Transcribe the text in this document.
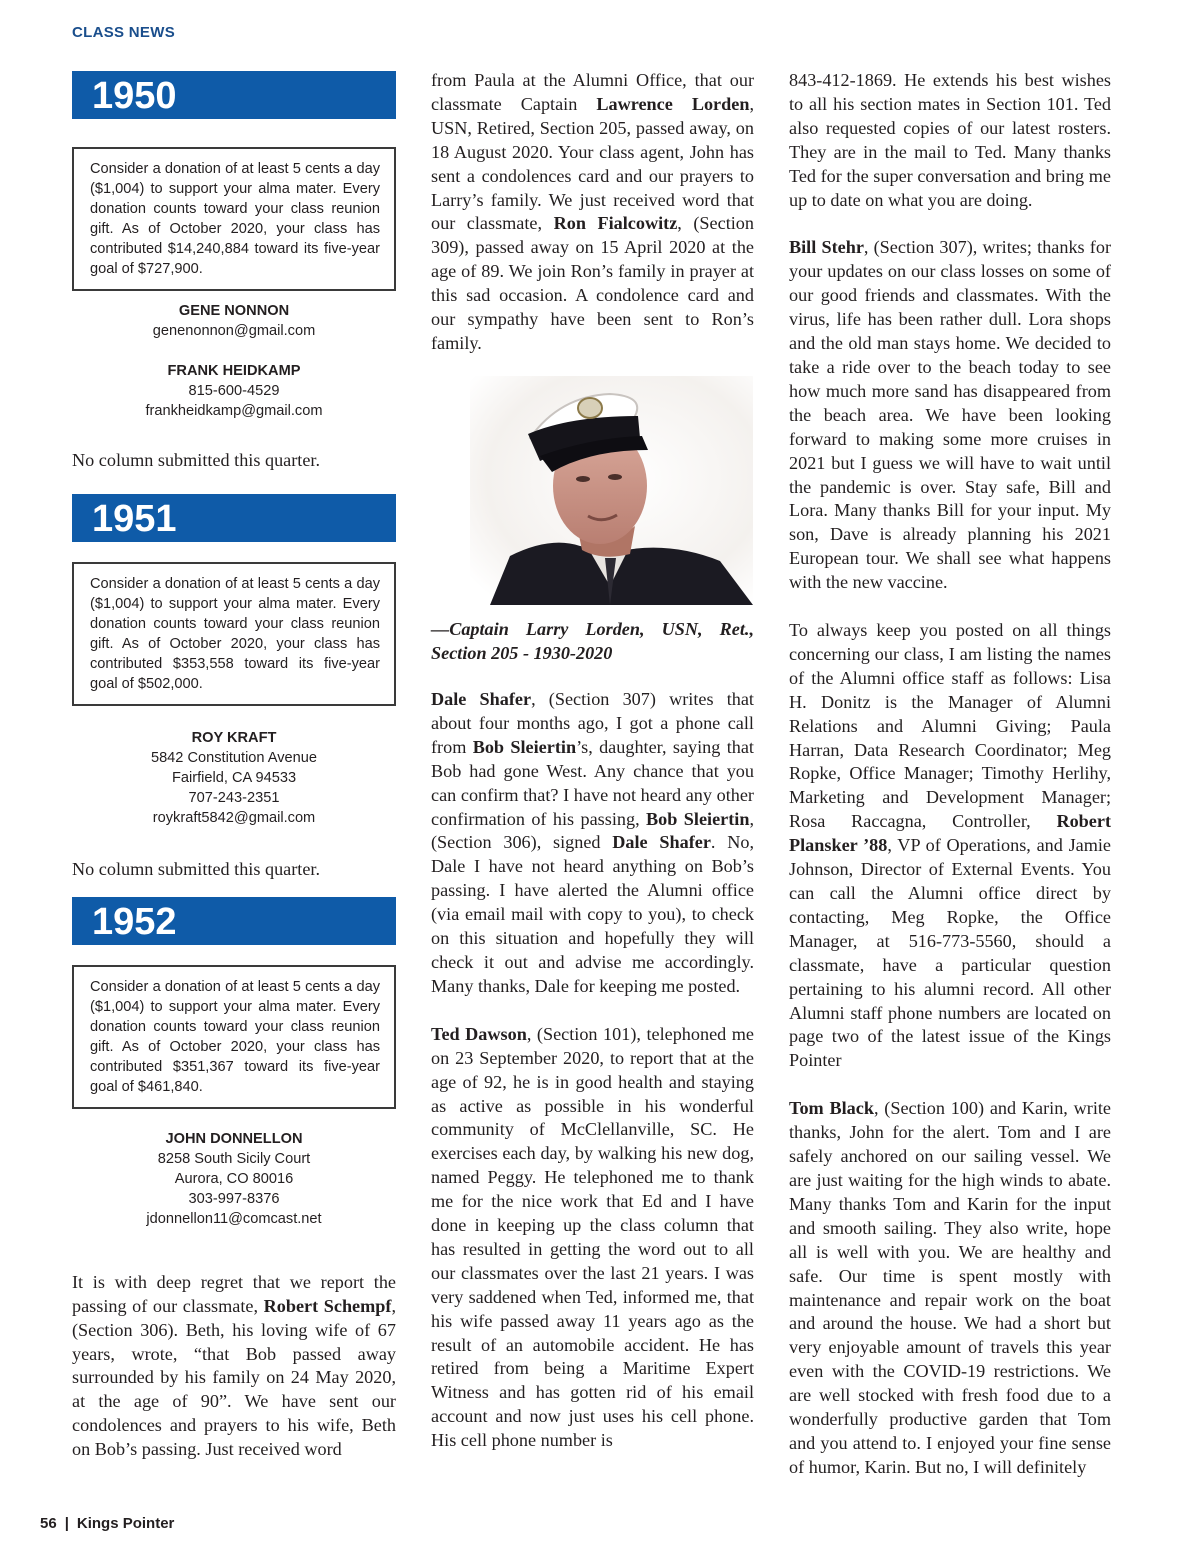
CLASS NEWS
1950
Consider a donation of at least 5 cents a day ($1,004) to support your alma mater. Every donation counts toward your class reunion gift. As of October 2020, your class has contributed $14,240,884 toward its five-year goal of $727,900.
GENE NONNON
genenonnon@gmail.com
FRANK HEIDKAMP
815-600-4529
frankheidkamp@gmail.com

No column submitted this quarter.

1951
Consider a donation of at least 5 cents a day ($1,004) to support your alma mater. Every donation counts toward your class reunion gift. As of October 2020, your class has contributed $353,558 toward its five-year goal of $502,000.
ROY KRAFT
5842 Constitution Avenue
Fairfield, CA 94533
707-243-2351
roykraft5842@gmail.com

No column submitted this quarter.

1952
Consider a donation of at least 5 cents a day ($1,004) to support your alma mater. Every donation counts toward your class reunion gift. As of October 2020, your class has contributed $351,367 toward its five-year goal of $461,840.
JOHN DONNELLON
8258 South Sicily Court
Aurora, CO 80016
303-997-8376
jdonnellon11@comcast.net

It is with deep regret that we report the passing of our classmate, Robert Schempf, (Section 306). Beth, his loving wife of 67 years, wrote, “that Bob passed away surrounded by his family on 24 May 2020, at the age of 90”. We have sent our condolences and prayers to his wife, Beth on Bob’s passing. Just received word

—Captain Larry Lorden, USN, Ret., Section 205 - 1930-2020

from Paula at the Alumni Office, that our classmate Captain Lawrence Lorden, USN, Retired, Section 205, passed away, on 18 August 2020. Your class agent, John has sent a condolences card and our prayers to Larry’s family. We just received word that our classmate, Ron Fialcowitz, (Section 309), passed away on 15 April 2020 at the age of 89. We join Ron’s family in prayer at this sad occasion. A condolence card and our sympathy have been sent to Ron’s family.

Dale Shafer, (Section 307) writes that about four months ago, I got a phone call from Bob Sleiertin’s, daughter, saying that Bob had gone West. Any chance that you can confirm that? I have not heard any other confirmation of his passing, Bob Sleiertin, (Section 306), signed Dale Shafer. No, Dale I have not heard anything on Bob’s passing. I have alerted the Alumni office (via email mail with copy to you), to check on this situation and hopefully they will check it out and advise me accordingly. Many thanks, Dale for keeping me posted.

Ted Dawson, (Section 101), telephoned me on 23 September 2020, to report that at the age of 92, he is in good health and staying as active as possible in his wonderful community of McClellanville, SC. He exercises each day, by walking his new dog, named Peggy. He telephoned me to thank me for the nice work that Ed and I have done in keeping up the class column that has resulted in getting the word out to all our classmates over the last 21 years. I was very saddened when Ted, informed me, that his wife passed away 11 years ago as the result of an automobile accident. He has retired from being a Maritime Expert Witness and has gotten rid of his email account and now just uses his cell phone. His cell phone number is

843-412-1869. He extends his best wishes to all his section mates in Section 101. Ted also requested copies of our latest rosters. They are in the mail to Ted. Many thanks Ted for the super conversation and bring me up to date on what you are doing.

Bill Stehr, (Section 307), writes; thanks for your updates on our class losses on some of our good friends and classmates. With the virus, life has been rather dull. Lora shops and the old man stays home. We decided to take a ride over to the beach today to see how much more sand has disappeared from the beach area. We have been looking forward to making some more cruises in 2021 but I guess we will have to wait until the pandemic is over. Stay safe, Bill and Lora. Many thanks Bill for your input. My son, Dave is already planning his 2021 European tour. We shall see what happens with the new vaccine.

To always keep you posted on all things concerning our class, I am listing the names of the Alumni office staff as follows: Lisa H. Donitz is the Manager of Alumni Relations and Alumni Giving; Paula Harran, Data Research Coordinator; Meg Ropke, Office Manager; Timothy Herlihy, Marketing and Development Manager; Rosa Raccagna, Controller, Robert Plansker ’88, VP of Operations, and Jamie Johnson, Director of External Events. You can call the Alumni office direct by contacting, Meg Ropke, the Office Manager, at 516-773-5560, should a classmate, have a particular question pertaining to his alumni record. All other Alumni staff phone numbers are located on page two of the latest issue of the Kings Pointer

Tom Black, (Section 100) and Karin, write thanks, John for the alert. Tom and I are safely anchored on our sailing vessel. We are just waiting for the high winds to abate. Many thanks Tom and Karin for the input and smooth sailing. They also write, hope all is well with you. We are healthy and safe. Our time is spent mostly with maintenance and repair work on the boat and around the house. We had a short but very enjoyable amount of travels this year even with the COVID-19 restrictions. We are well stocked with fresh food due to a wonderfully productive garden that Tom and you attend to. I enjoyed your fine sense of humor, Karin. But no, I will definitely

56 | Kings Pointer
